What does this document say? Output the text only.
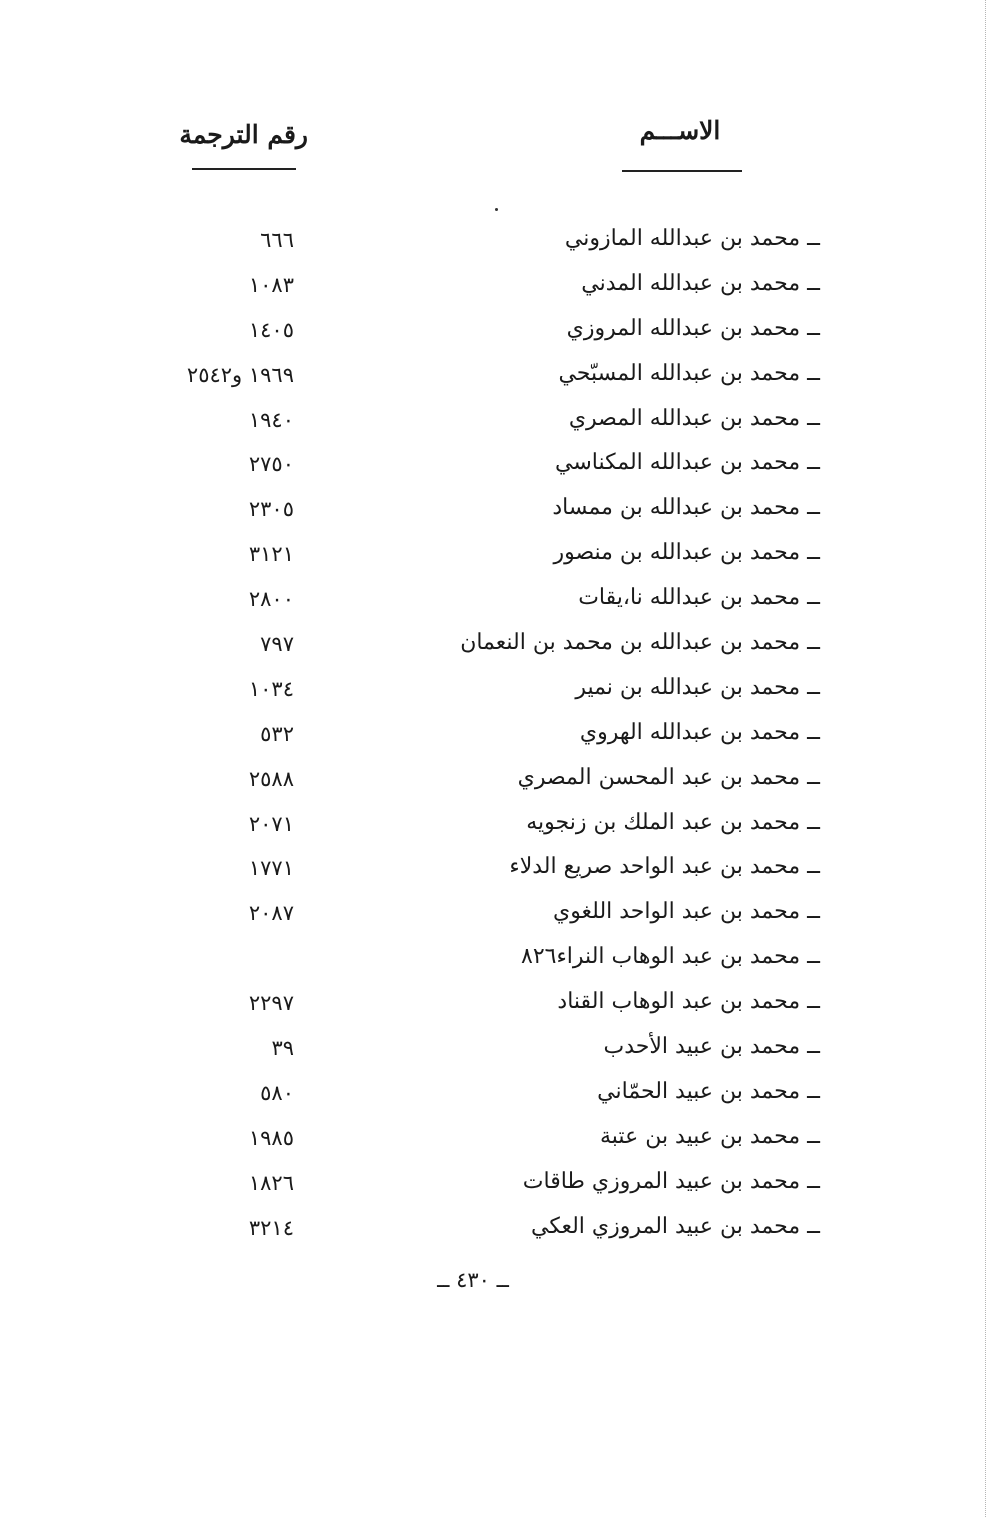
الاســـم
رقم الترجمة
ــ محمد بن عبدالله المازوني
٦٦٦
ــ محمد بن عبدالله المدني
١٠٨٣
ــ محمد بن عبدالله المروزي
١٤٠٥
ــ محمد بن عبدالله المسبّحي
١٩٦٩ و٢٥٤٢
ــ محمد بن عبدالله المصري
١٩٤٠
ــ محمد بن عبدالله المكناسي
٢٧٥٠
ــ محمد بن عبدالله بن ممساد
٢٣٠٥
ــ محمد بن عبدالله بن منصور
٣١٢١
ــ محمد بن عبدالله نا،يقات
٢٨٠٠
ــ محمد بن عبدالله بن محمد بن النعمان
٧٩٧
ــ محمد بن عبدالله بن نمير
١٠٣٤
ــ محمد بن عبدالله الهروي
٥٣٢
ــ محمد بن عبد المحسن المصري
٢٥٨٨
ــ محمد بن عبد الملك بن زنجويه
٢٠٧١
ــ محمد بن عبد الواحد صريع الدلاء
١٧٧١
ــ محمد بن عبد الواحد اللغوي
٢٠٨٧
ــ محمد بن عبد الوهاب النراء٨٢٦
ــ محمد بن عبد الوهاب القناد
٢٢٩٧
ــ محمد بن عبيد الأحدب
٣٩
ــ محمد بن عبيد الحمّاني
٥٨٠
ــ محمد بن عبيد بن عتبة
١٩٨٥
ــ محمد بن عبيد المروزي طاقات
١٨٢٦
ــ محمد بن عبيد المروزي العكي
٣٢١٤
ــ ٤٣٠ ــ
